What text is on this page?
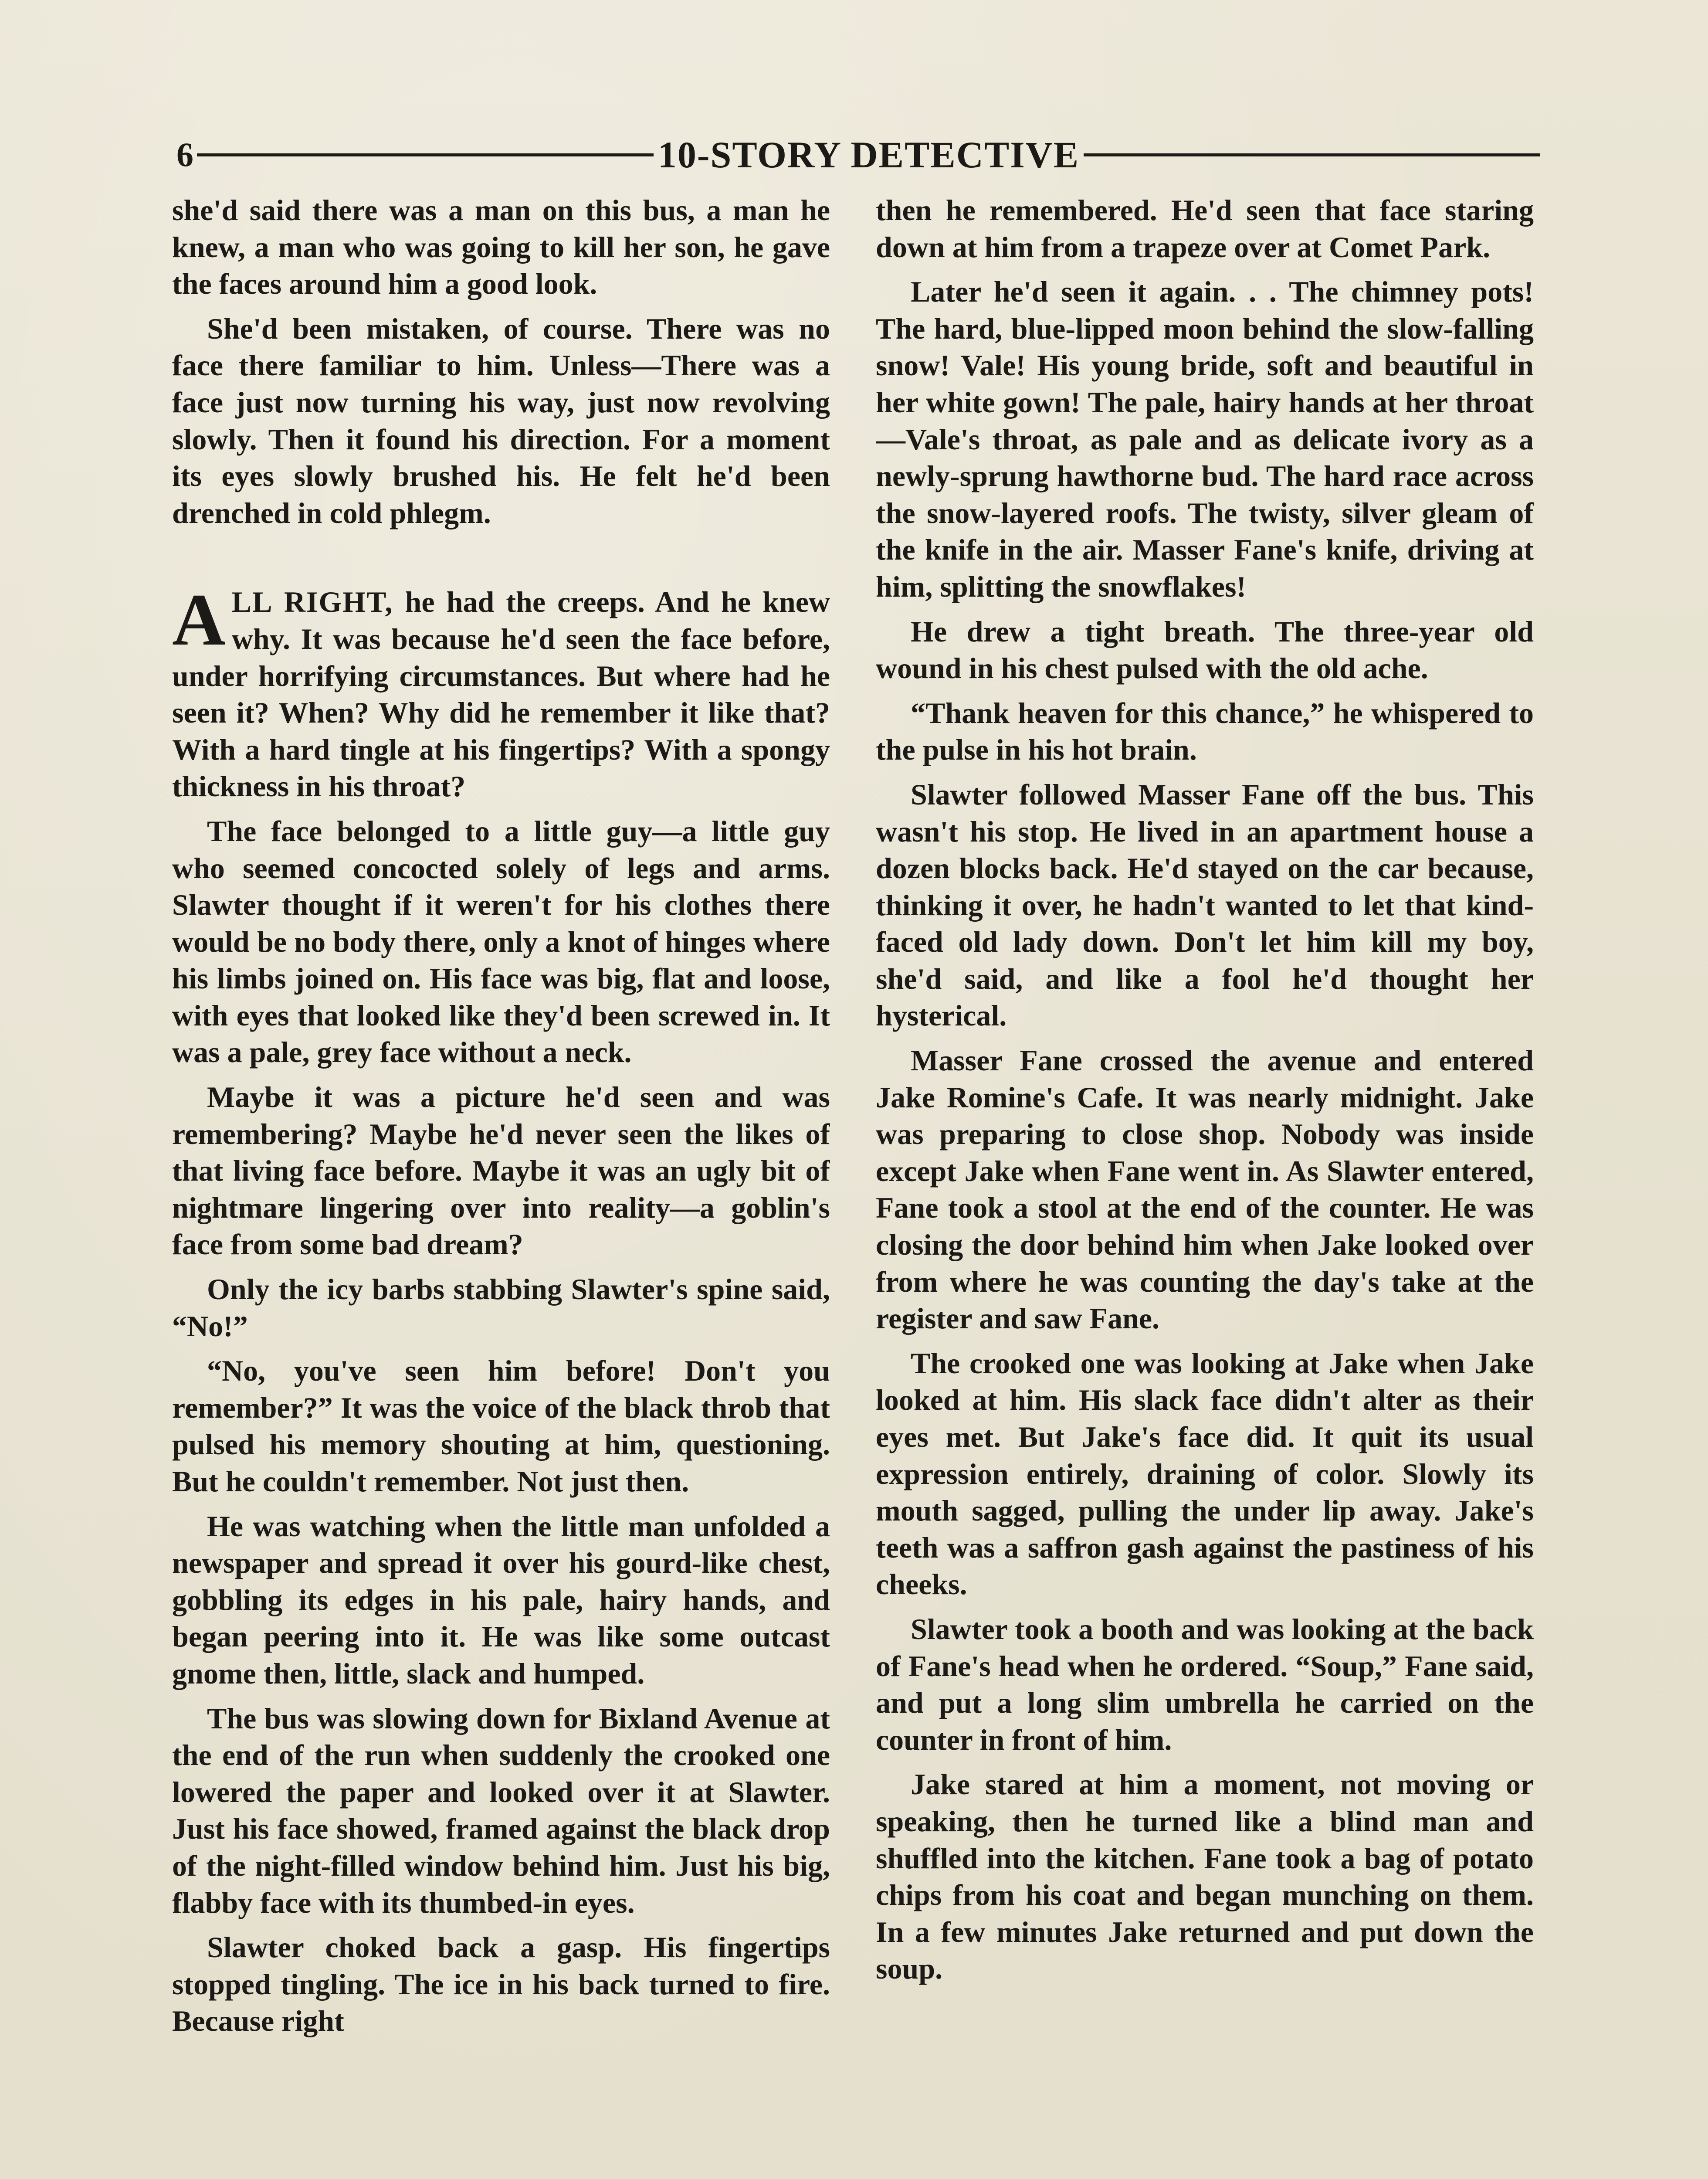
6	10-STORY DETECTIVE

she'd said there was a man on this bus, a man he knew, a man who was going to kill her son, he gave the faces around him a good look.

She'd been mistaken, of course. There was no face there familiar to him. Unless—There was a face just now turning his way, just now revolving slowly. Then it found his direction. For a moment its eyes slowly brushed his. He felt he'd been drenched in cold phlegm.

ALL RIGHT, he had the creeps. And he knew why. It was because he'd seen the face before, under horrifying circumstances. But where had he seen it? When? Why did he remember it like that? With a hard tingle at his fingertips? With a spongy thickness in his throat?

The face belonged to a little guy—a little guy who seemed concocted solely of legs and arms. Slawter thought if it weren't for his clothes there would be no body there, only a knot of hinges where his limbs joined on. His face was big, flat and loose, with eyes that looked like they'd been screwed in. It was a pale, grey face without a neck.

Maybe it was a picture he'd seen and was remembering? Maybe he'd never seen the likes of that living face before. Maybe it was an ugly bit of nightmare lingering over into reality—a goblin's face from some bad dream?

Only the icy barbs stabbing Slawter's spine said, “No!”

“No, you've seen him before! Don't you remember?” It was the voice of the black throb that pulsed his memory shouting at him, questioning. But he couldn't remember. Not just then.

He was watching when the little man unfolded a newspaper and spread it over his gourd-like chest, gobbling its edges in his pale, hairy hands, and began peering into it. He was like some outcast gnome then, little, slack and humped.

The bus was slowing down for Bixland Avenue at the end of the run when suddenly the crooked one lowered the paper and looked over it at Slawter. Just his face showed, framed against the black drop of the night-filled window behind him. Just his big, flabby face with its thumbed-in eyes.

Slawter choked back a gasp. His fingertips stopped tingling. The ice in his back turned to fire. Because right

then he remembered. He'd seen that face staring down at him from a trapeze over at Comet Park.

Later he'd seen it again. . . The chimney pots! The hard, blue-lipped moon behind the slow-falling snow! Vale! His young bride, soft and beautiful in her white gown! The pale, hairy hands at her throat—Vale's throat, as pale and as delicate ivory as a newly-sprung hawthorne bud. The hard race across the snow-layered roofs. The twisty, silver gleam of the knife in the air. Masser Fane's knife, driving at him, splitting the snowflakes!

He drew a tight breath. The three-year old wound in his chest pulsed with the old ache.

“Thank heaven for this chance,” he whispered to the pulse in his hot brain.

Slawter followed Masser Fane off the bus. This wasn't his stop. He lived in an apartment house a dozen blocks back. He'd stayed on the car because, thinking it over, he hadn't wanted to let that kind-faced old lady down. Don't let him kill my boy, she'd said, and like a fool he'd thought her hysterical.

Masser Fane crossed the avenue and entered Jake Romine's Cafe. It was nearly midnight. Jake was preparing to close shop. Nobody was inside except Jake when Fane went in. As Slawter entered, Fane took a stool at the end of the counter. He was closing the door behind him when Jake looked over from where he was counting the day's take at the register and saw Fane.

The crooked one was looking at Jake when Jake looked at him. His slack face didn't alter as their eyes met. But Jake's face did. It quit its usual expression entirely, draining of color. Slowly its mouth sagged, pulling the under lip away. Jake's teeth was a saffron gash against the pastiness of his cheeks.

Slawter took a booth and was looking at the back of Fane's head when he ordered. “Soup,” Fane said, and put a long slim umbrella he carried on the counter in front of him.

Jake stared at him a moment, not moving or speaking, then he turned like a blind man and shuffled into the kitchen. Fane took a bag of potato chips from his coat and began munching on them. In a few minutes Jake returned and put down the soup.
